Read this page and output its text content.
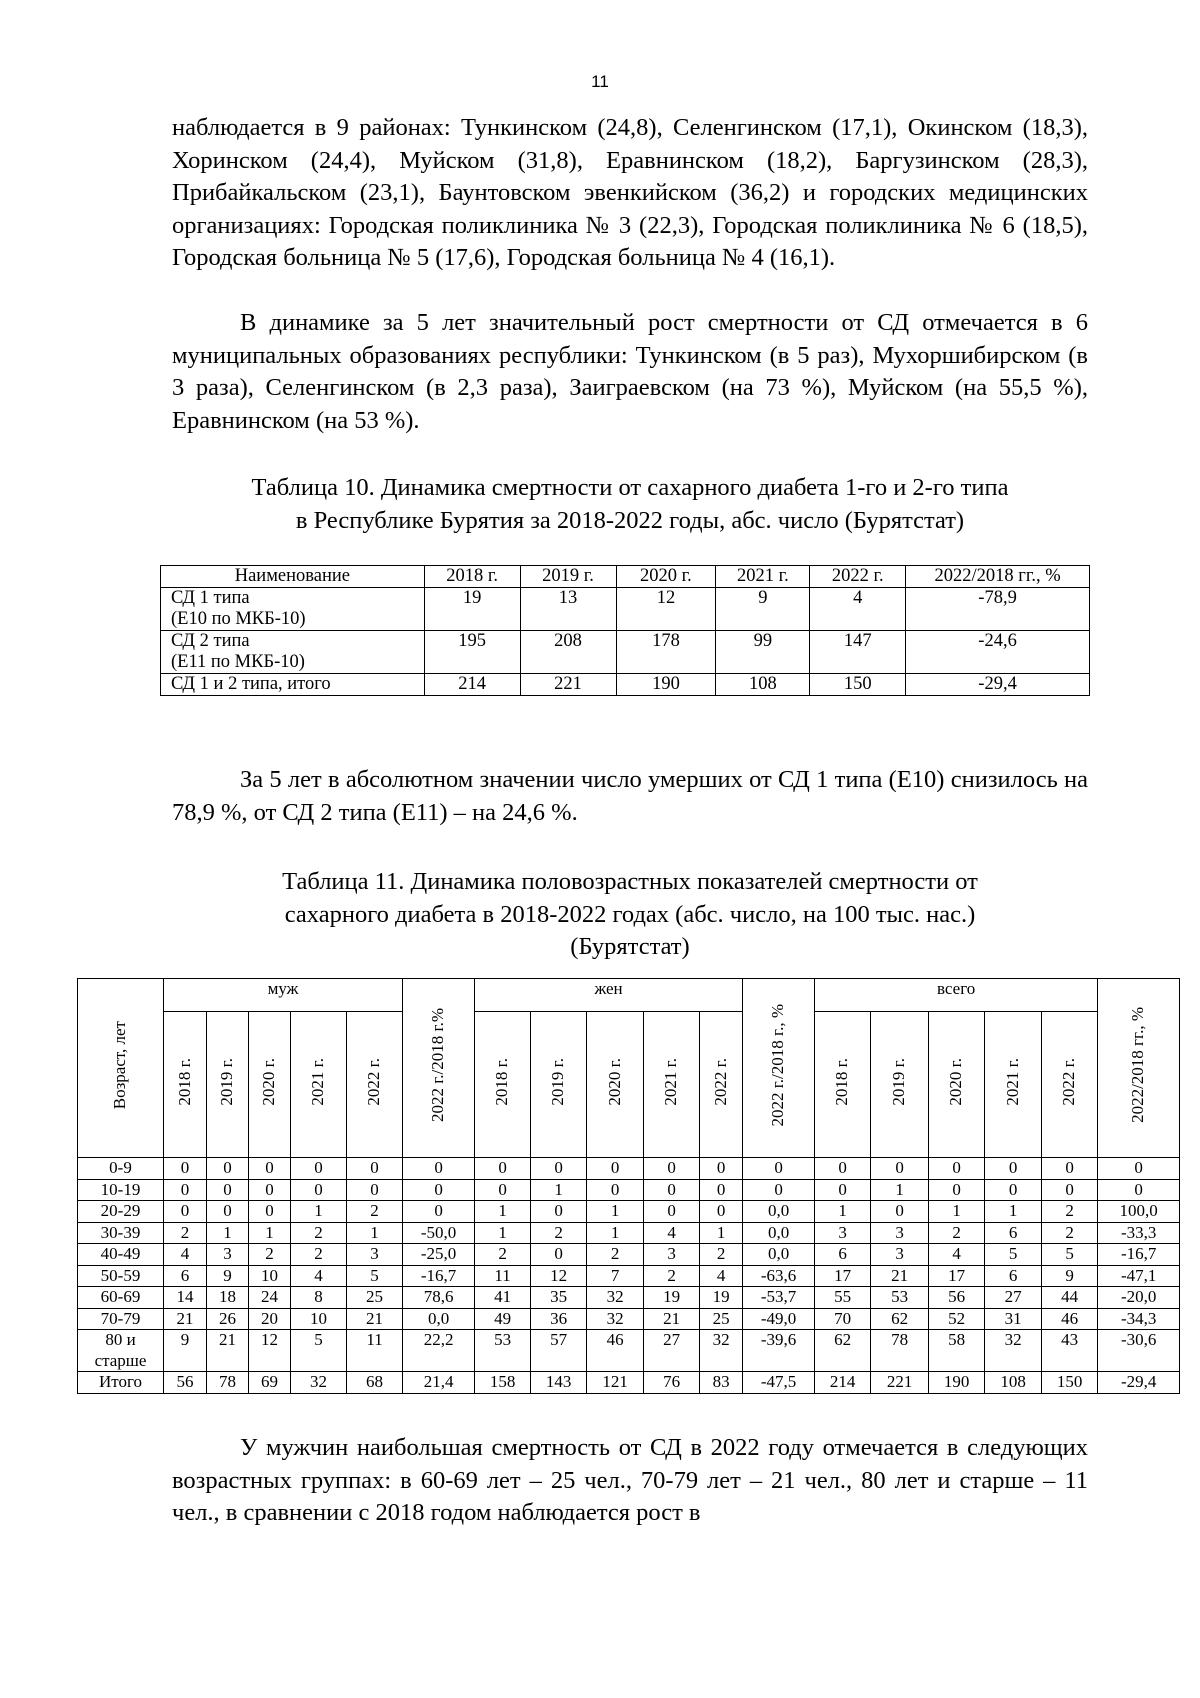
11

наблюдается в 9 районах: Тункинском (24,8), Селенгинском (17,1), Окинском (18,3), Хоринском (24,4), Муйском (31,8), Еравнинском (18,2), Баргузинском (28,3), Прибайкальском (23,1), Баунтовском эвенкийском (36,2) и городских медицинских организациях: Городская поликлиника № 3 (22,3), Городская поликлиника № 6 (18,5), Городская больница № 5 (17,6), Городская больница № 4 (16,1).

В динамике за 5 лет значительный рост смертности от СД отмечается в 6 муниципальных образованиях республики: Тункинском (в 5 раз), Мухоршибирском (в 3 раза), Селенгинском (в 2,3 раза), Заиграевском (на 73 %), Муйском (на 55,5 %), Еравнинском (на 53 %).

Таблица 10. Динамика смертности от сахарного диабета 1-го и 2-го типа
в Республике Бурятия за 2018-2022 годы, абс. число (Бурятстат)

Наименование	2018 г.	2019 г.	2020 г.	2021 г.	2022 г.	2022/2018 гг., %
СД 1 типа
(Е10 по МКБ-10)	19	13	12	9	4	-78,9
СД 2 типа
(Е11 по МКБ-10)	195	208	178	99	147	-24,6
СД 1 и 2 типа, итого	214	221	190	108	150	-29,4

За 5 лет в абсолютном значении число умерших от СД 1 типа (Е10) снизилось на 78,9 %, от СД 2 типа (Е11) – на 24,6 %.

Таблица 11. Динамика половозрастных показателей смертности от
сахарного диабета в 2018-2022 годах (абс. число, на 100 тыс. нас.)
(Бурятстат)

Возраст, лет	муж					2022 г./2018 г.%	жен					2022 г./2018 г., %	всего					2022/2018 гг., %
	2018 г.	2019 г.	2020 г.	2021 г.	2022 г.		2018 г.	2019 г.	2020 г.	2021 г.	2022 г.		2018 г.	2019 г.	2020 г.	2021 г.	2022 г.	
0-9	0	0	0	0	0	0	0	0	0	0	0	0	0	0	0	0	0	0
10-19	0	0	0	0	0	0	0	1	0	0	0	0	0	1	0	0	0	0
20-29	0	0	0	1	2	0	1	0	1	0	0	0,0	1	0	1	1	2	100,0
30-39	2	1	1	2	1	-50,0	1	2	1	4	1	0,0	3	3	2	6	2	-33,3
40-49	4	3	2	2	3	-25,0	2	0	2	3	2	0,0	6	3	4	5	5	-16,7
50-59	6	9	10	4	5	-16,7	11	12	7	2	4	-63,6	17	21	17	6	9	-47,1
60-69	14	18	24	8	25	78,6	41	35	32	19	19	-53,7	55	53	56	27	44	-20,0
70-79	21	26	20	10	21	0,0	49	36	32	21	25	-49,0	70	62	52	31	46	-34,3
80 и
старше	9	21	12	5	11	22,2	53	57	46	27	32	-39,6	62	78	58	32	43	-30,6
Итого	56	78	69	32	68	21,4	158	143	121	76	83	-47,5	214	221	190	108	150	-29,4

У мужчин наибольшая смертность от СД в 2022 году отмечается в следующих возрастных группах: в 60-69 лет – 25 чел., 70-79 лет – 21 чел., 80 лет и старше – 11 чел., в сравнении с 2018 годом наблюдается рост в
